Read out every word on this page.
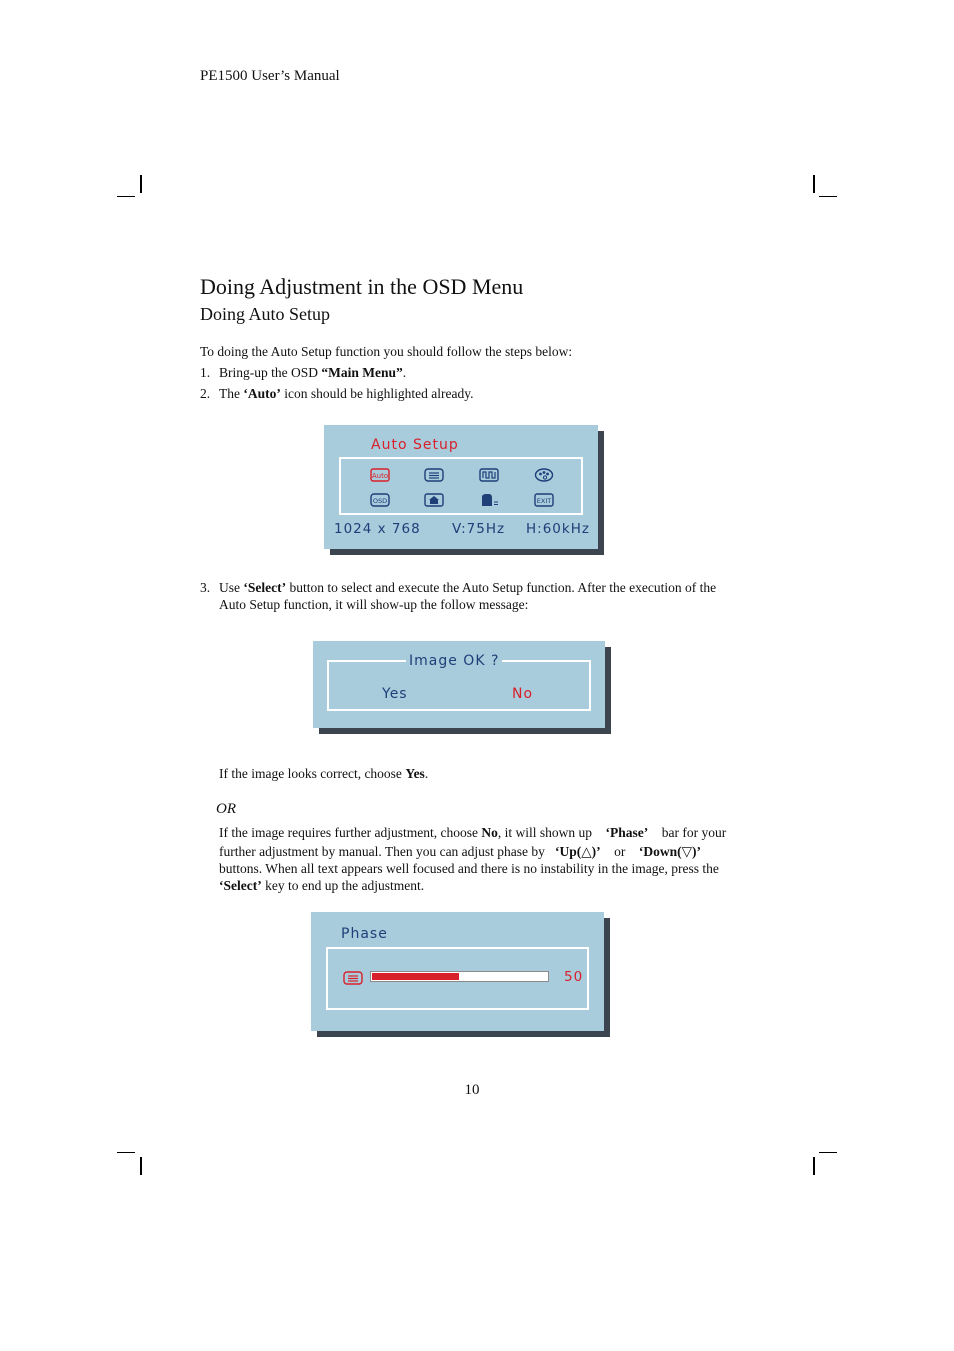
PE1500 User’s Manual
Doing Adjustment in the OSD Menu
Doing Auto Setup
To doing the Auto Setup function you should follow the steps below:
1. Bring-up the OSD “Main Menu”.
2. The ‘Auto’ icon should be highlighted already.
Auto Setup
Auto
OSD	EXIT
1024 x 768 V:75Hz H:60kHz
3. Use ‘Select’ button to select and execute the Auto Setup function. After the execution of the
Auto Setup function, it will show-up the follow message:
Image OK ?
Yes	No
If the image looks correct, choose Yes.
OR
If the image requires further adjustment, choose No, it will shown up    ‘Phase’    bar for your
further adjustment by manual. Then you can adjust phase by   ‘Up(△)’    or    ‘Down(▽)’
buttons. When all text appears well focused and there is no instability in the image, press the
‘Select’ key to end up the adjustment.
Phase
50
10
